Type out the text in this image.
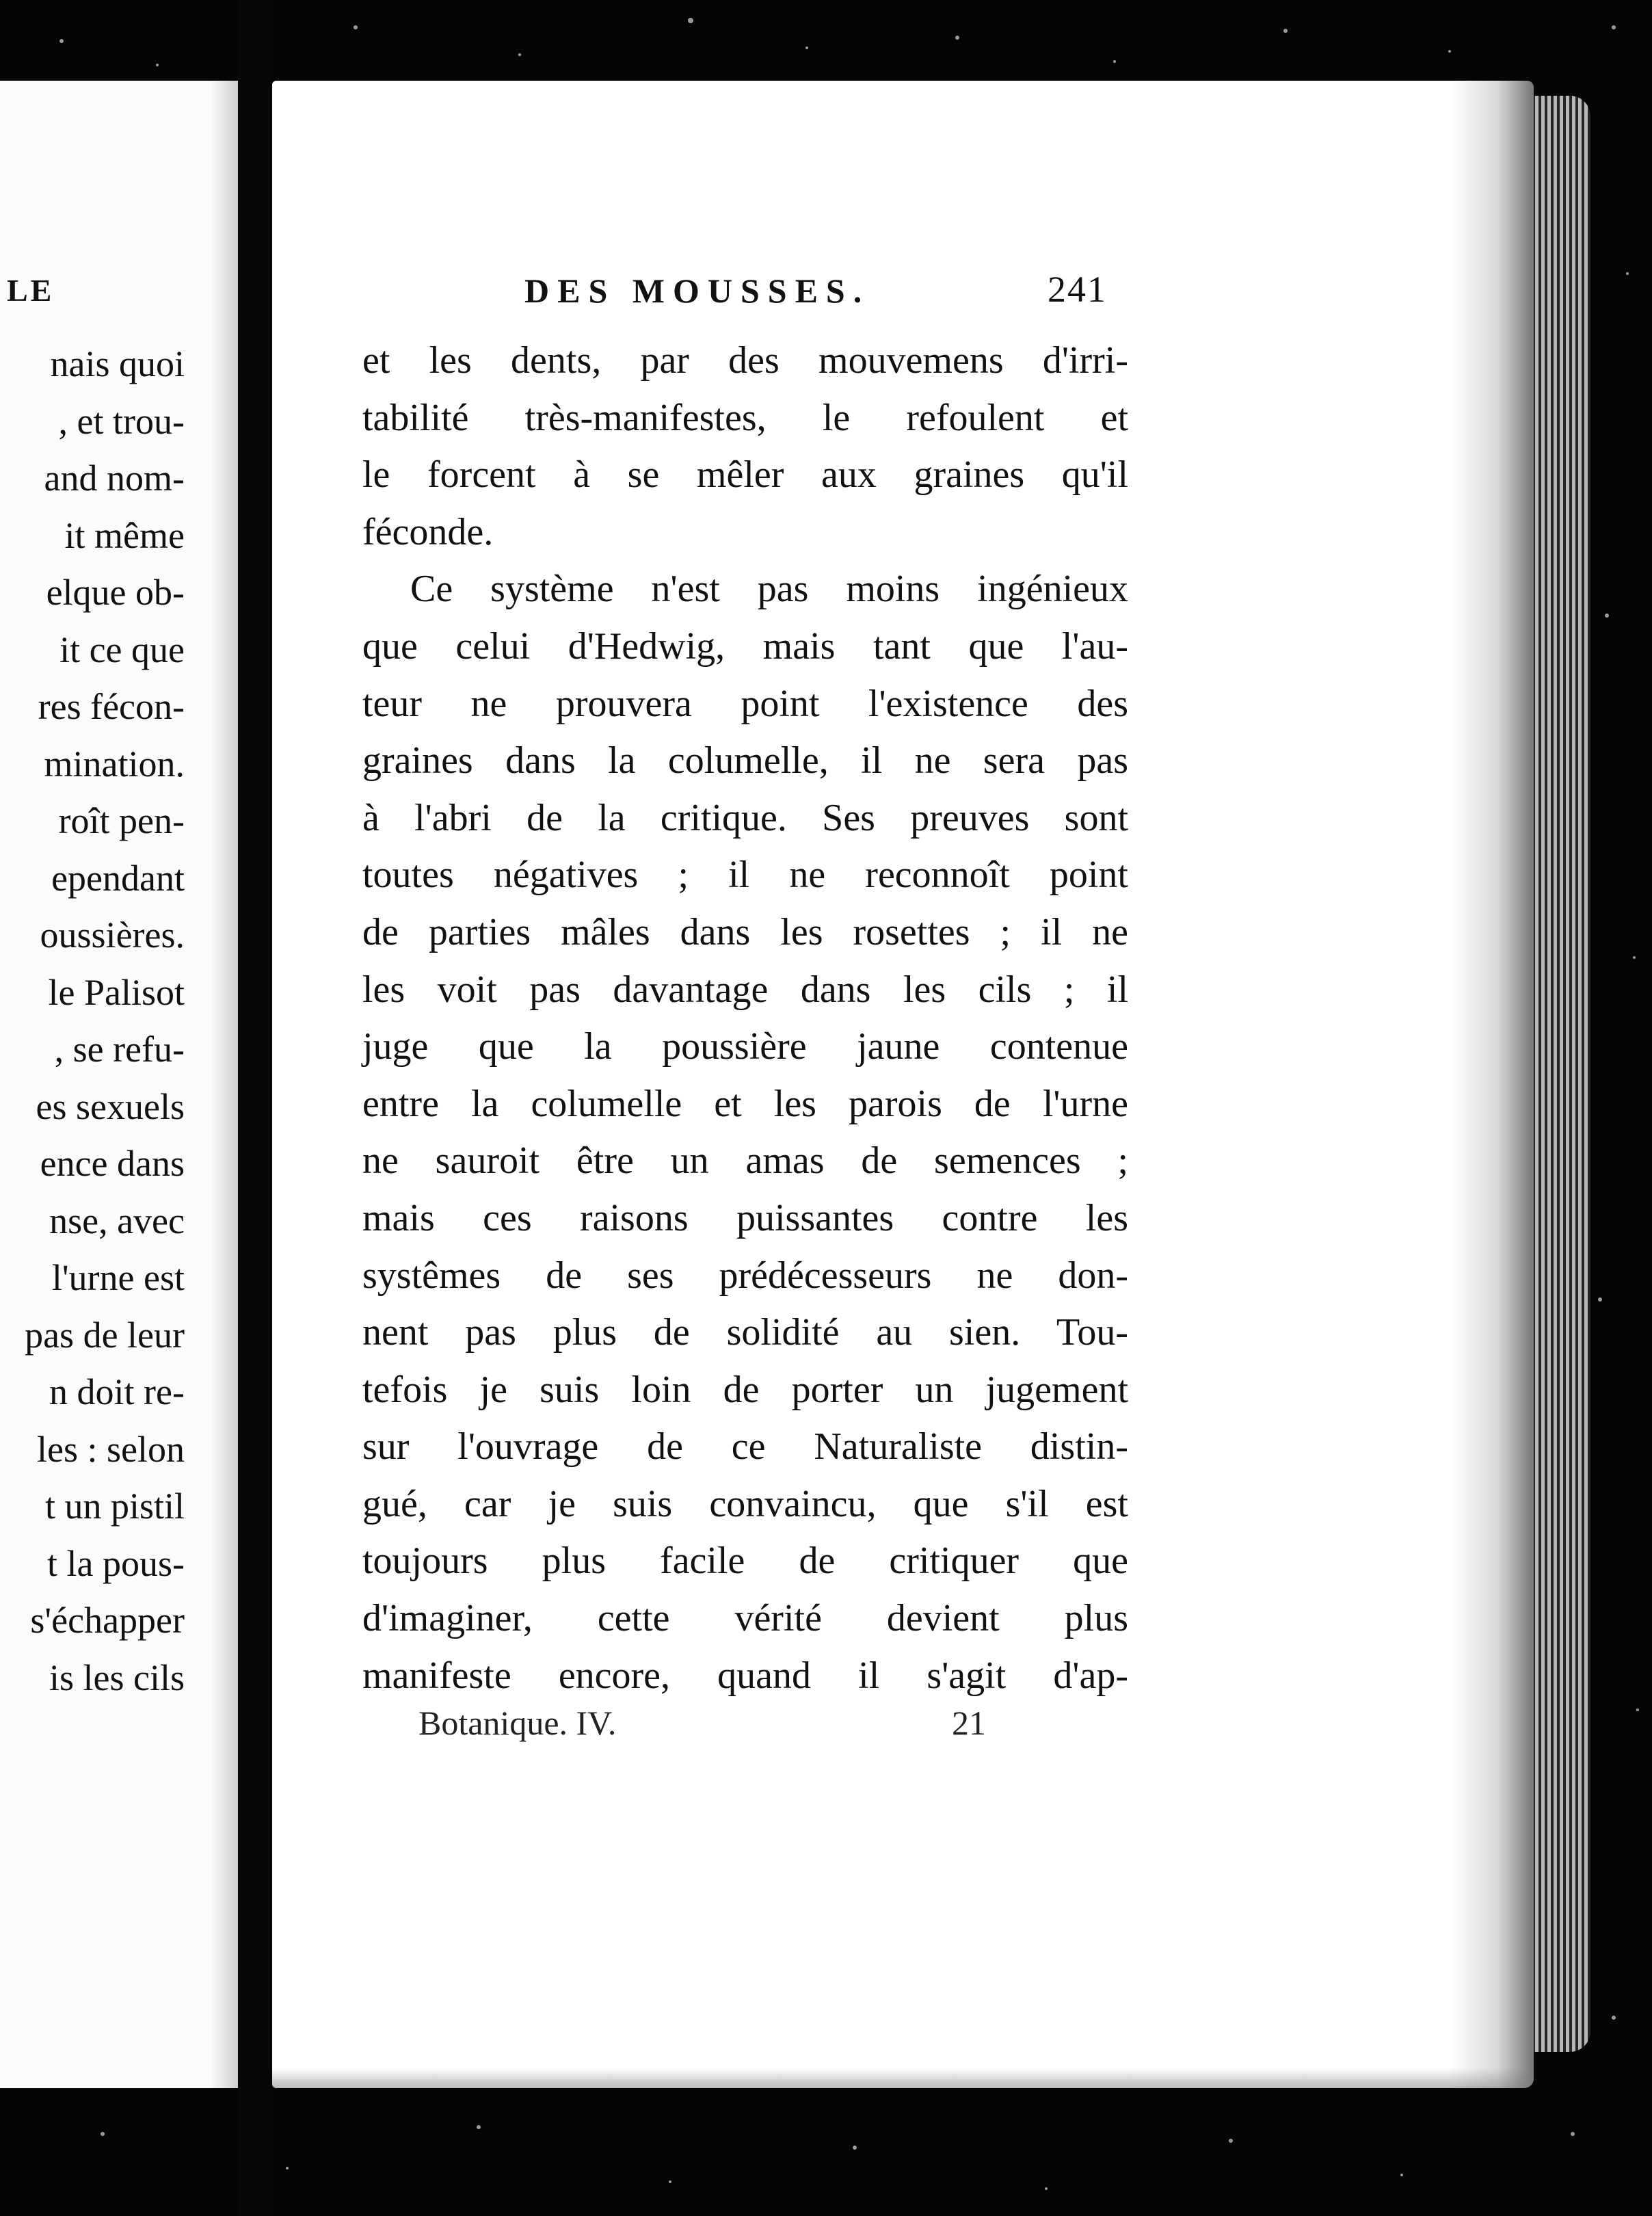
LE
nais quoi
, et trou-
and nom-
it même
elque ob-
it ce que
res fécon-
mination.
roît pen-
ependant
oussières.
le Palisot
, se refu-
es sexuels
ence dans
nse, avec
l'urne est
pas de leur
n doit re-
les : selon
t un pistil
t la pous-
s'échapper
is les cils
DES MOUSSES.	241
et les dents, par des mouvemens d'irri-
tabilité très-manifestes, le refoulent et
le forcent à se mêler aux graines qu'il
féconde.
Ce système n'est pas moins ingénieux
que celui d'Hedwig, mais tant que l'au-
teur ne prouvera point l'existence des
graines dans la columelle, il ne sera pas
à l'abri de la critique. Ses preuves sont
toutes négatives ; il ne reconnoît point
de parties mâles dans les rosettes ; il ne
les voit pas davantage dans les cils ; il
juge que la poussière jaune contenue
entre la columelle et les parois de l'urne
ne sauroit être un amas de semences ;
mais ces raisons puissantes contre les
systêmes de ses prédécesseurs ne don-
nent pas plus de solidité au sien. Tou-
tefois je suis loin de porter un jugement
sur l'ouvrage de ce Naturaliste distin-
gué, car je suis convaincu, que s'il est
toujours plus facile de critiquer que
d'imaginer, cette vérité devient plus
manifeste encore, quand il s'agit d'ap-
Botanique. IV.	21
